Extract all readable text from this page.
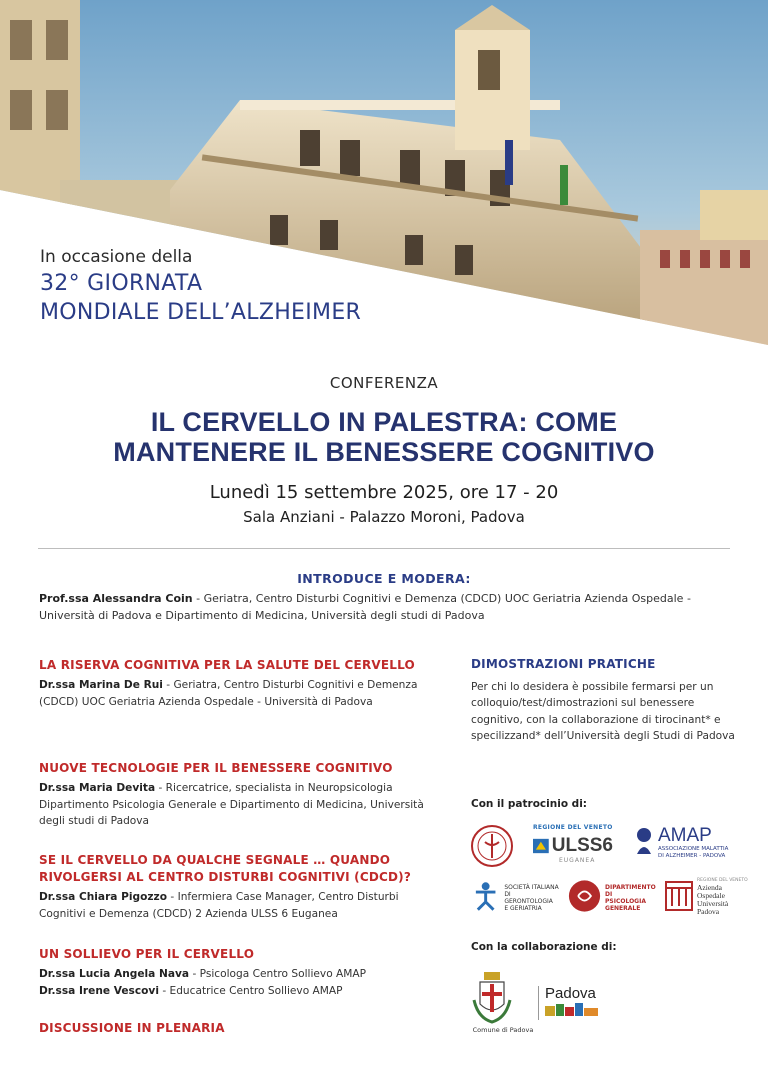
In occasione della
32° GIORNATA
MONDIALE DELL’ALZHEIMER
CONFERENZA
IL CERVELLO IN PALESTRA: COME
MANTENERE IL BENESSERE COGNITIVO
Lunedì 15 settembre 2025, ore 17 - 20
Sala Anziani - Palazzo Moroni, Padova
INTRODUCE E MODERA:
Prof.ssa Alessandra Coin - Geriatra, Centro Disturbi Cognitivi e Demenza (CDCD) UOC Geriatria Azienda Ospedale - Università di Padova e Dipartimento di Medicina, Università degli studi di Padova
LA RISERVA COGNITIVA PER LA SALUTE DEL CERVELLO
Dr.ssa Marina De Rui - Geriatra, Centro Disturbi Cognitivi e Demenza (CDCD) UOC Geriatria Azienda Ospedale - Università di Padova
NUOVE TECNOLOGIE PER IL BENESSERE COGNITIVO
Dr.ssa Maria Devita - Ricercatrice, specialista in Neuropsicologia Dipartimento Psicologia Generale e Dipartimento di Medicina, Università degli studi di Padova
SE IL CERVELLO DA QUALCHE SEGNALE … QUANDO RIVOLGERSI AL CENTRO DISTURBI COGNITIVI (CDCD)?
Dr.ssa Chiara Pigozzo - Infermiera Case Manager, Centro Disturbi Cognitivi e Demenza (CDCD) 2 Azienda ULSS 6 Euganea
UN SOLLIEVO PER IL CERVELLO
Dr.ssa Lucia Angela Nava - Psicologa Centro Sollievo AMAP
Dr.ssa Irene Vescovi - Educatrice Centro Sollievo AMAP
DISCUSSIONE IN PLENARIA
DIMOSTRAZIONI PRATICHE
Per chi lo desidera è possibile fermarsi per un colloquio/test/dimostrazioni sul benessere cognitivo, con la collaborazione di tirocinant* e specilizzand* dell’Università degli Studi di Padova
Con il patrocinio di:
REGIONE DEL VENETO
ULSS6
EUGANEA
AMAP
ASSOCIAZIONE MALATTIA
DI ALZHEIMER - PADOVA
SOCIETÀ ITALIANA
DI GERONTOLOGIA
E GERIATRIA
DIPARTIMENTO DI
PSICOLOGIA
GENERALE
REGIONE DEL VENETO
Azienda
Ospedale
Università
Padova
Con la collaborazione di:
Comune di Padova
Padova
